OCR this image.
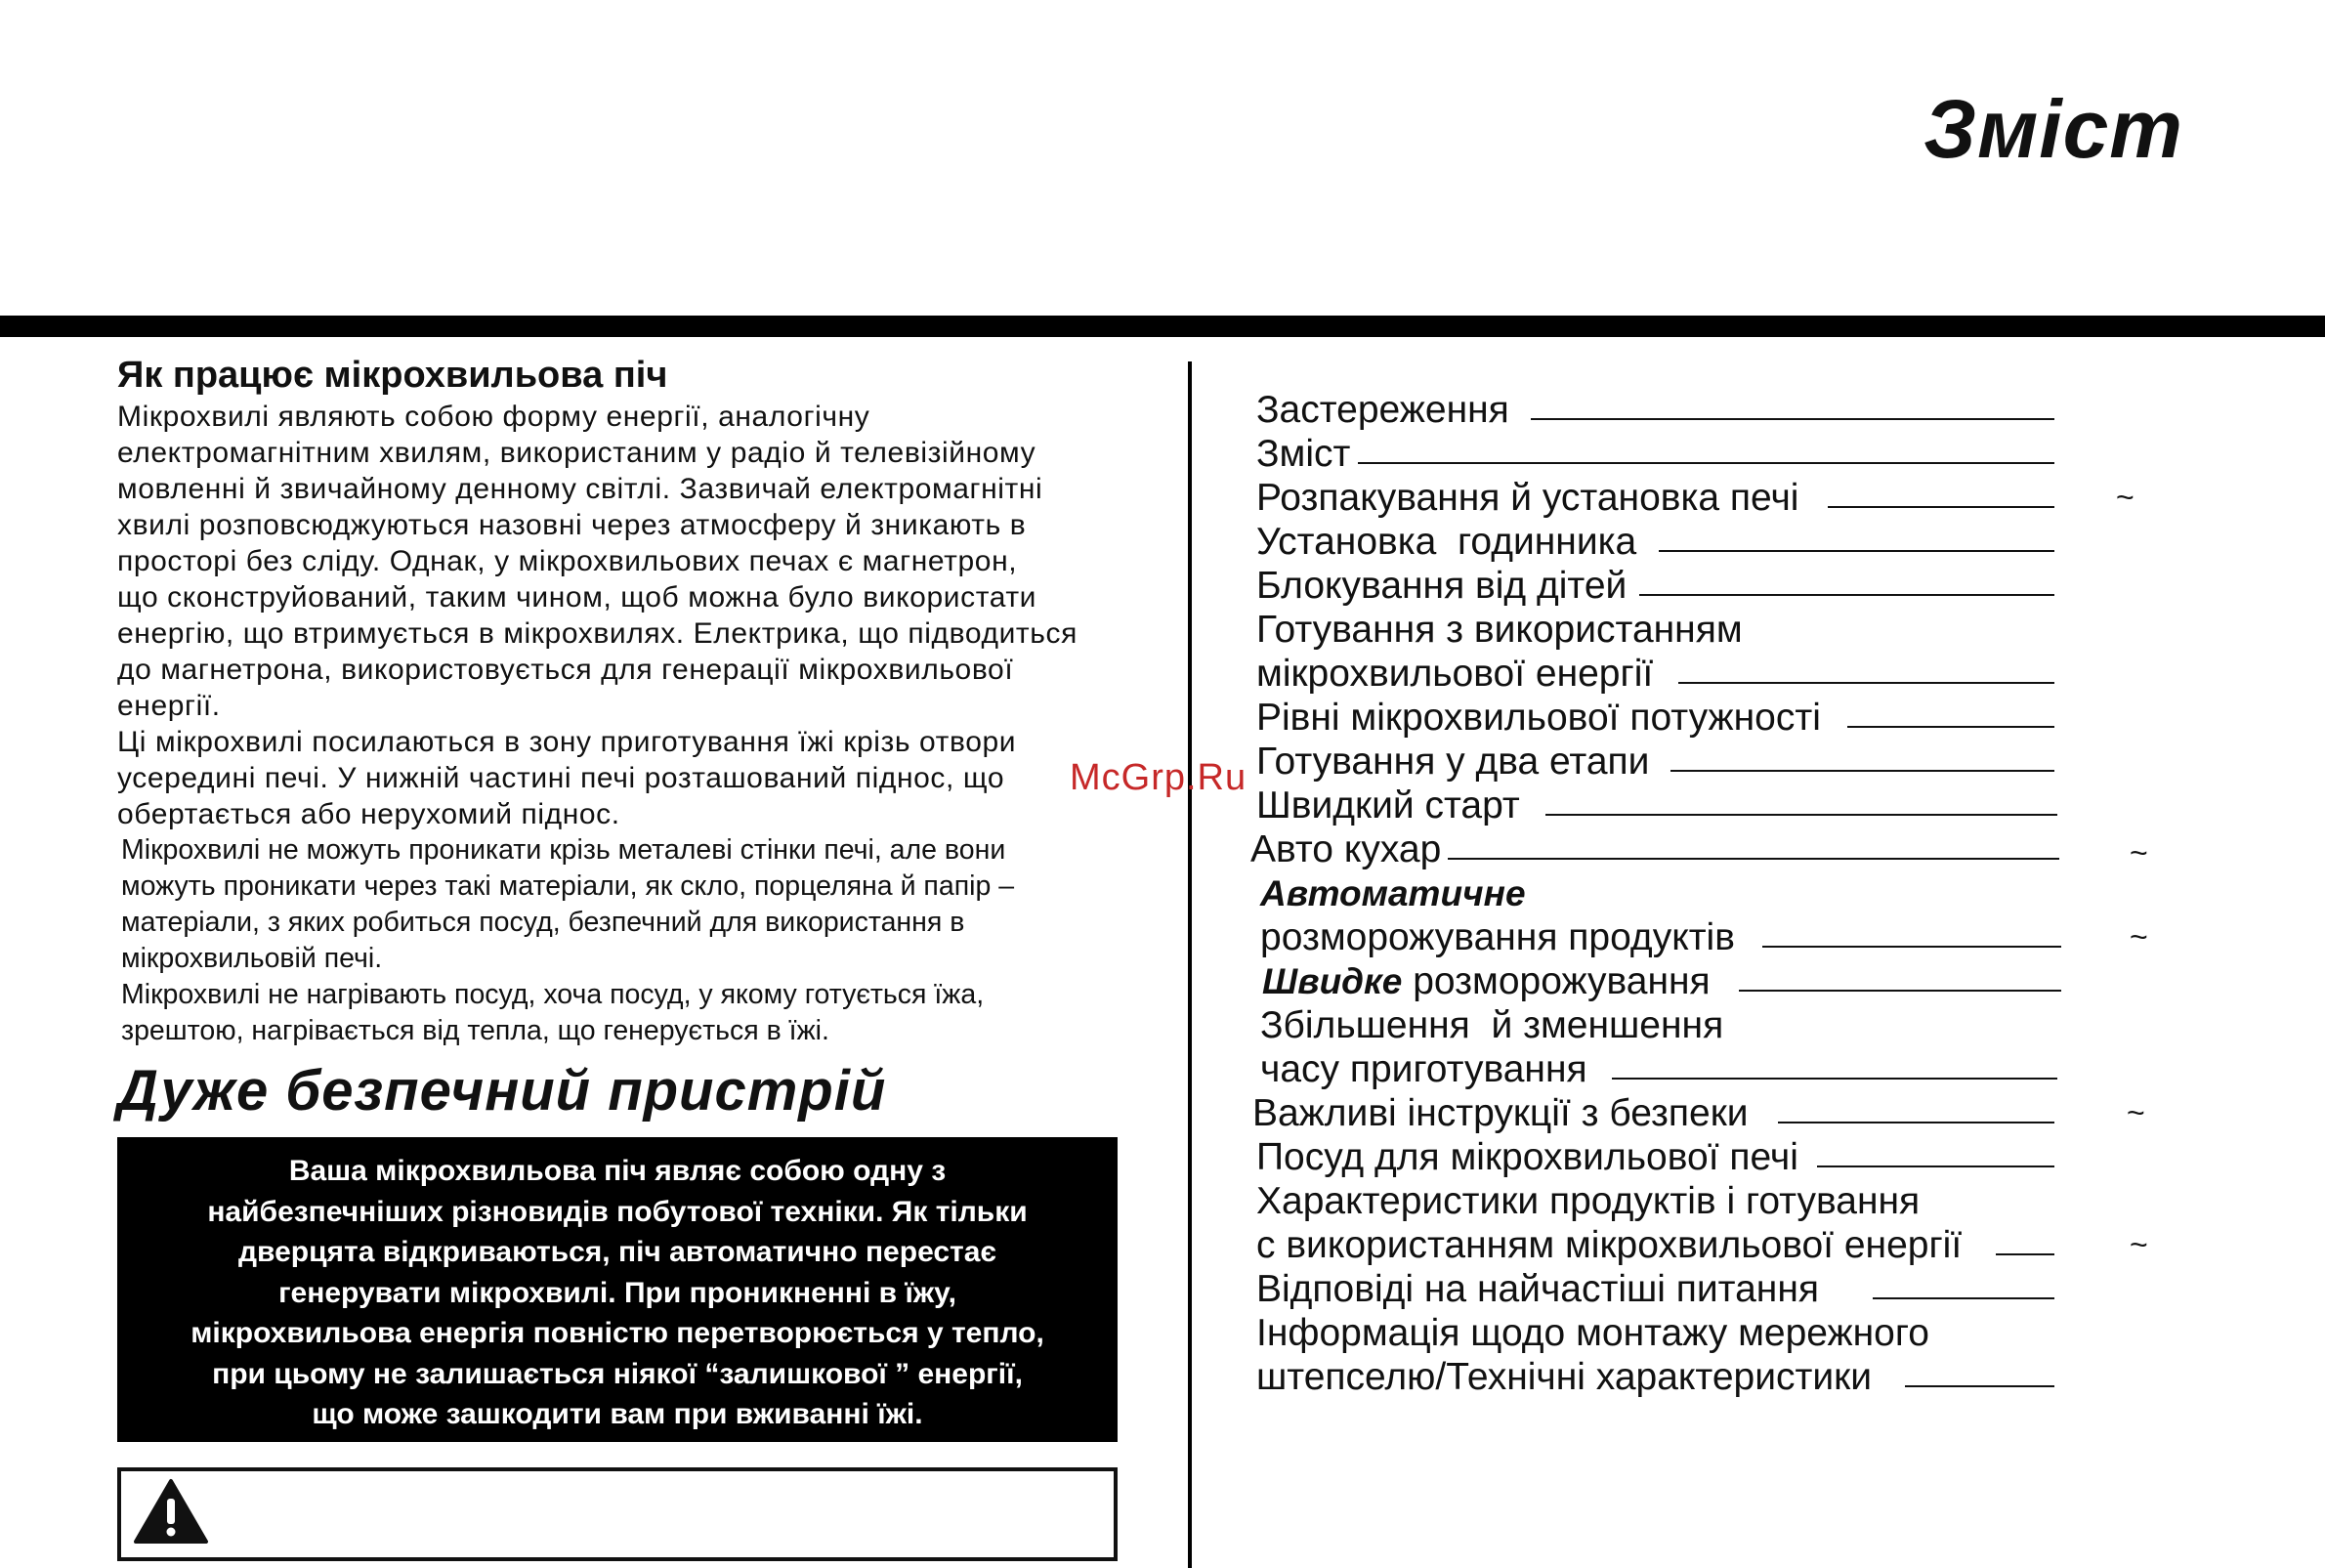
Зміст
Як працює мікрохвильова піч

Мікрохвилі являють собою форму енергії, аналогічну

електромагнітним хвилям, використаним у радіо й телевізійному

мовленні й звичайному денному світлі. Зазвичай електромагнітні

хвилі розповсюджуються назовні через атмосферу й зникають в

просторі без сліду. Однак, у мікрохвильових печах є магнетрон,

що сконструйований, таким чином, щоб можна було використати

енергію, що втримується в мікрохвилях. Електрика, що підводиться

до магнетрона, використовується для генерації мікрохвильової

енергії.

Ці мікрохвилі посилаються в зону приготування їжі крізь отвори

усередині печі. У нижній частині печі розташований піднос, що

обертається або нерухомий піднос.

Мікрохвилі не можуть проникати крізь металеві стінки печі, але вони

можуть проникати через такі матеріали, як скло, порцеляна й папір –

матеріали, з яких робиться посуд, безпечний для використання в

мікрохвильовій печі.

Мікрохвилі не нагрівають посуд, хоча посуд, у якому готується їжа,

зрештою, нагрівається від тепла, що генерується в їжі.

Дуже безпечний пристрій
Ваша мікрохвильова піч являє собою одну з
найбезпечніших різновидів побутової техніки. Як тільки
дверцята відкриваються, піч автоматично перестає
генерувати мікрохвилі. При проникненні в їжу,
мікрохвильова енергія повністю перетворюється у тепло,
при цьому не залишається ніякої “залишкової ” енергії,
що може зашкодити вам при вживанні їжі.
Застереження
Зміст
Розпакування й установка печі	~
Установка  годинника
Блокування від дітей
Готування з використанням
мікрохвильової енергії
Рівні мікрохвильової потужності
Готування у два етапи
Швидкий старт
Авто кухар	~
Автоматичне
розморожування продуктів	~
Швидке розморожування
Збільшення  й зменшення
часу приготування
Важливі інструкції з безпеки	~
Посуд для мікрохвильової печі
Характеристики продуктів і готування
с використанням мікрохвильової енергії	~
Відповіді на найчастіші питання
Інформація щодо монтажу мережного
штепселю/Технічні характеристики
McGrp.Ru
